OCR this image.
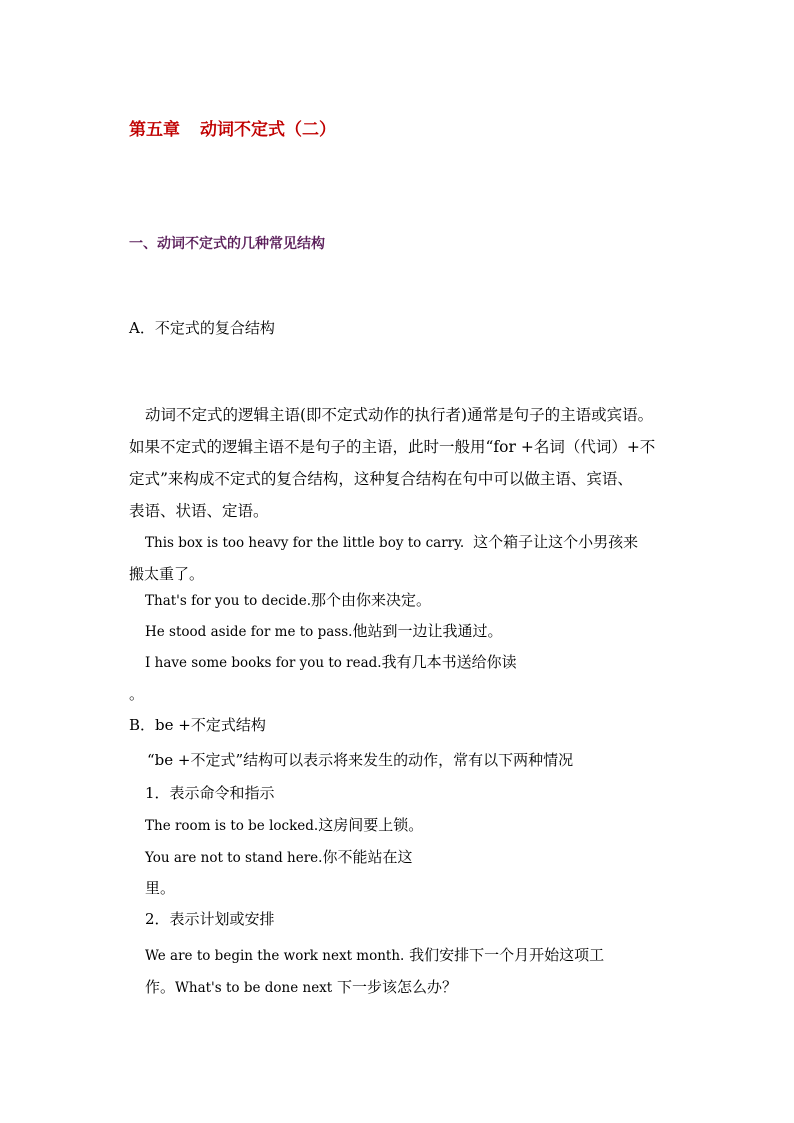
第五章 动词不定式（二）
一、动词不定式的几种常见结构
A．不定式的复合结构
动词不定式的逻辑主语(即不定式动作的执行者)通常是句子的主语或宾语。
如果不定式的逻辑主语不是句子的主语，此时一般用“for +名词（代词）+不
定式”来构成不定式的复合结构，这种复合结构在句中可以做主语、宾语、
表语、状语、定语。
This box is too heavy for the little boy to carry. 这个箱子让这个小男孩来
搬太重了。
That's for you to decide.那个由你来决定。
He stood aside for me to pass.他站到一边让我通过。
I have some books for you to read.我有几本书送给你读
。
B．be +不定式结构
“be +不定式”结构可以表示将来发生的动作，常有以下两种情况
1．表示命令和指示
The room is to be locked.这房间要上锁。
You are not to stand here.你不能站在这
里。
2．表示计划或安排
We are to begin the work next month. 我们安排下一个月开始这项工
作。What's to be done next 下一步该怎么办？
